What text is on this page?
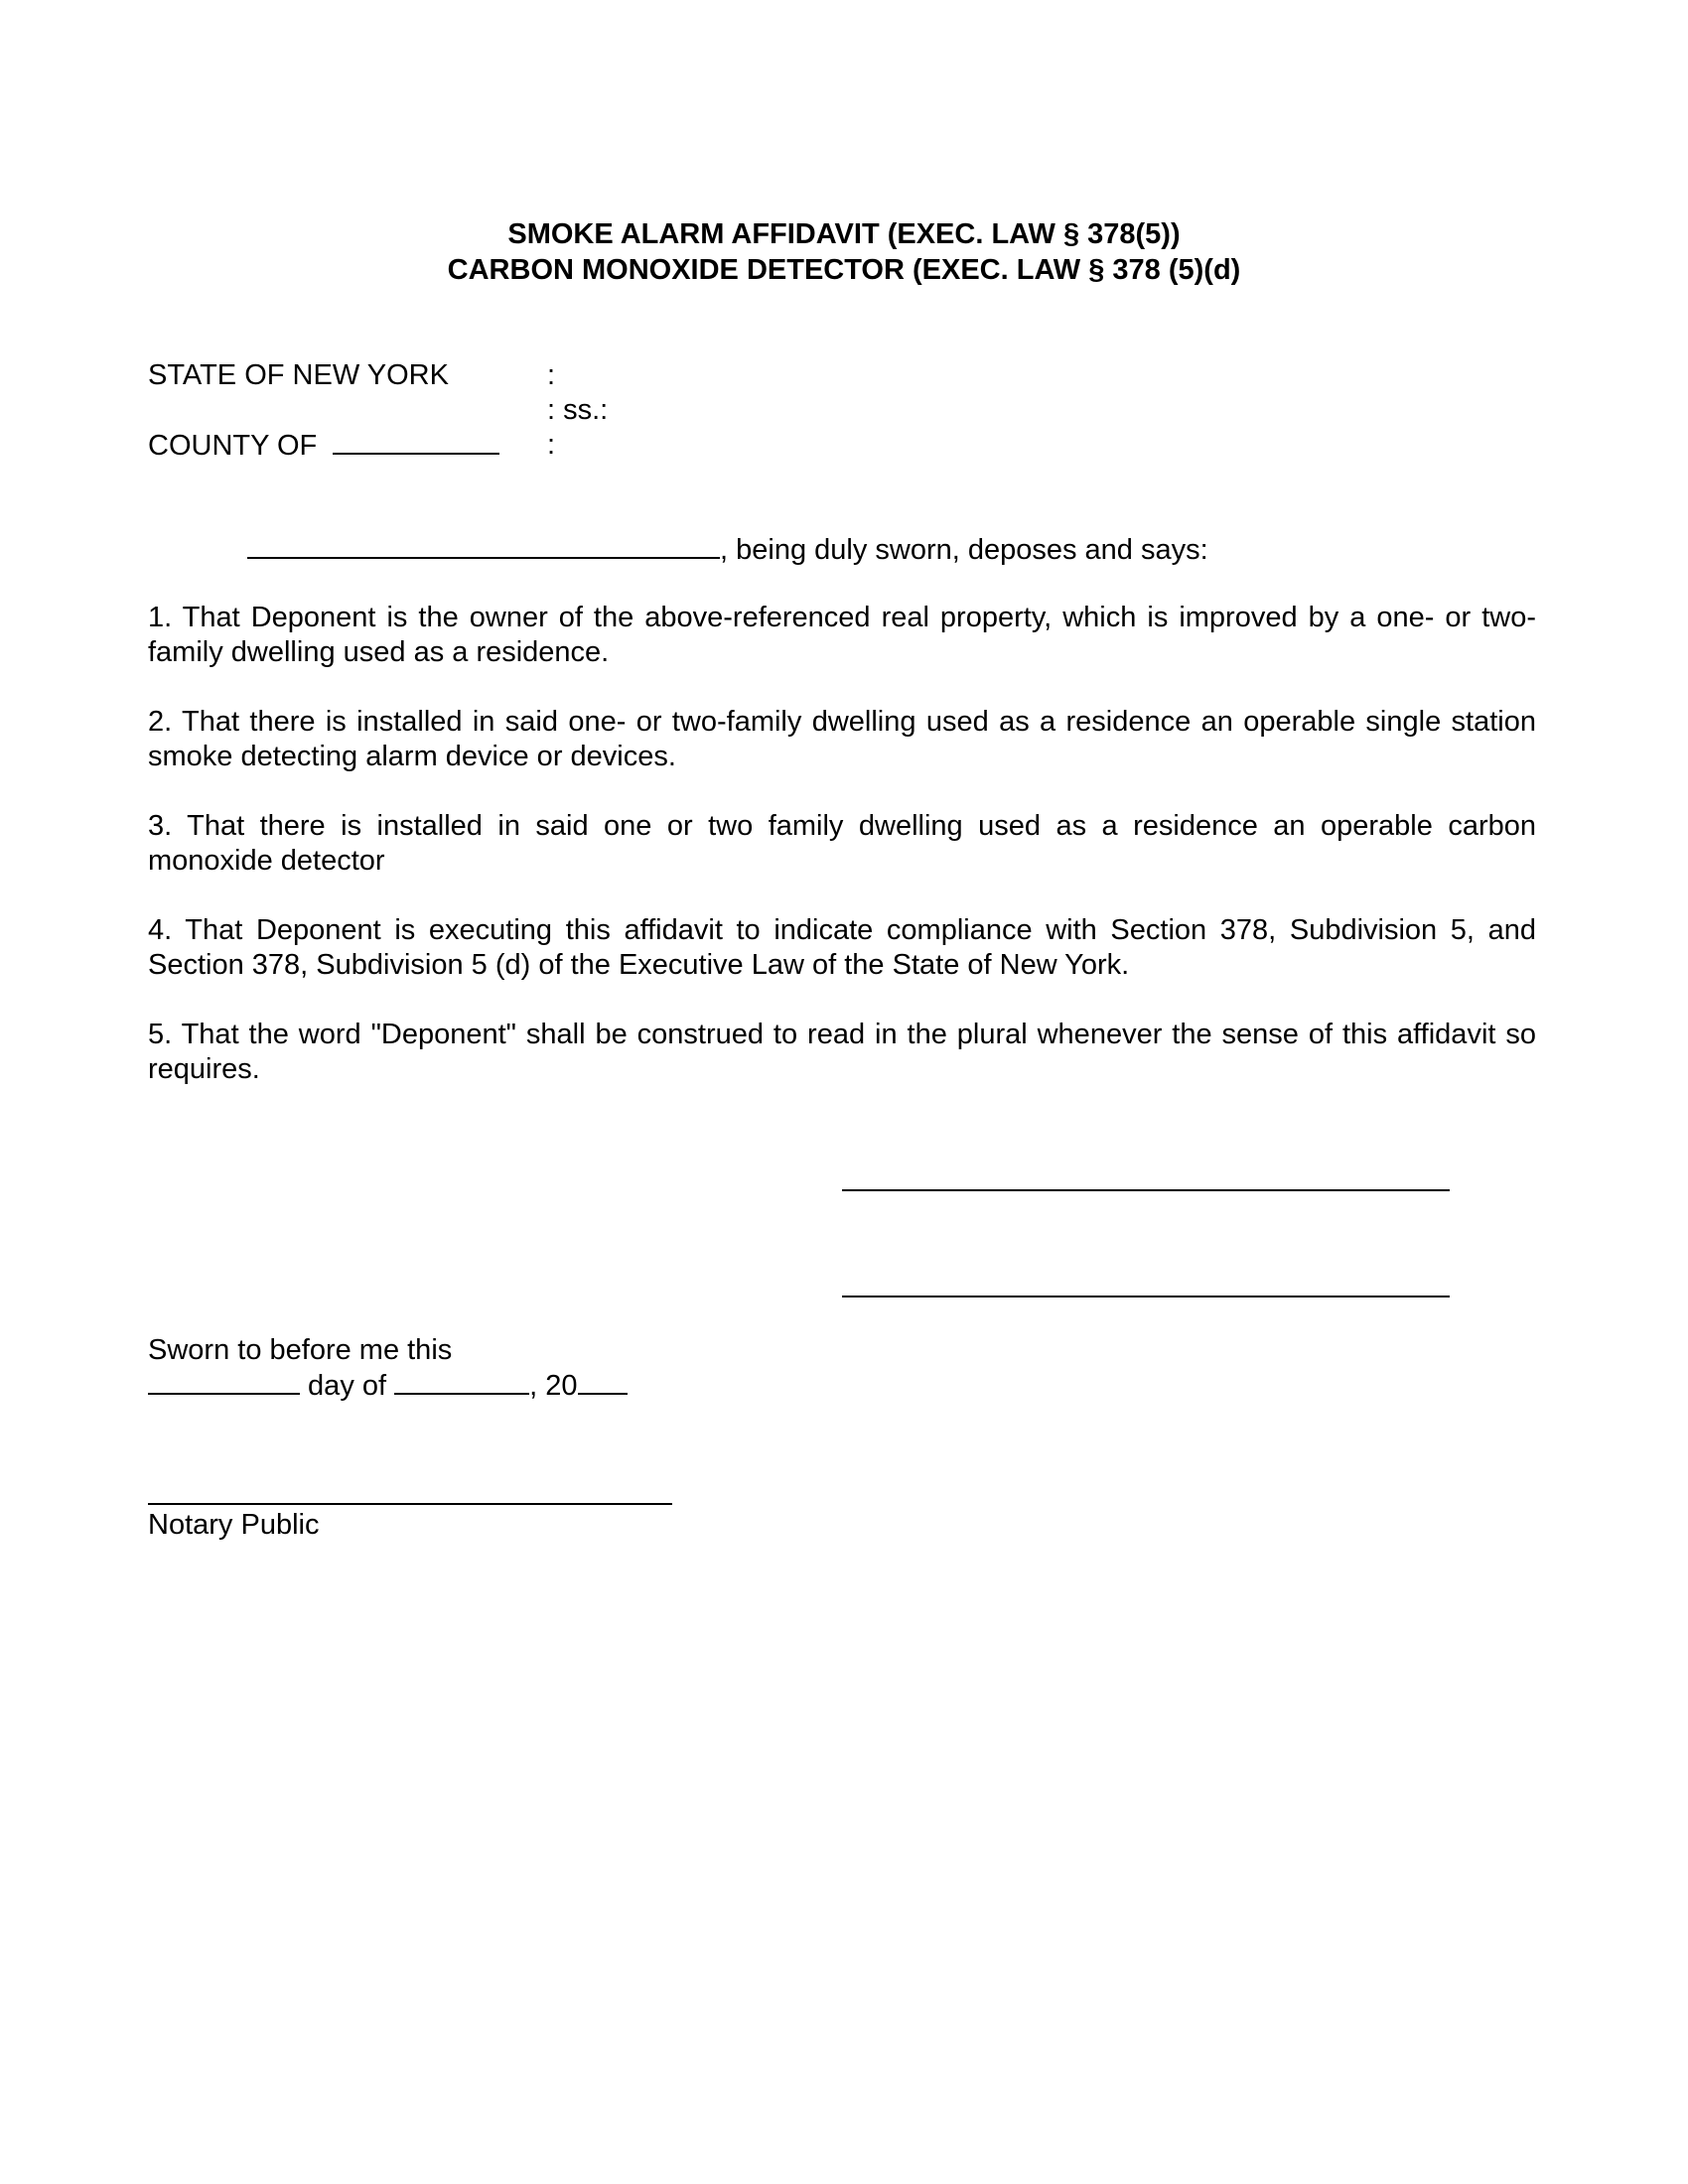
SMOKE ALARM AFFIDAVIT (EXEC. LAW § 378(5))
CARBON MONOXIDE DETECTOR (EXEC. LAW § 378 (5)(d)
STATE OF NEW YORK	:
: ss.:
COUNTY OF	:
, being duly sworn, deposes and says:
1. That Deponent is the owner of the above-referenced real property, which is improved by a one- or two-family dwelling used as a residence.
2. That there is installed in said one- or two-family dwelling used as a residence an operable single station smoke detecting alarm device or devices.
3. That there is installed in said one or two family dwelling used as a residence an operable carbon monoxide detector
4. That Deponent is executing this affidavit to indicate compliance with Section 378, Subdivision 5, and Section 378, Subdivision 5 (d) of the Executive Law of the State of New York.
5. That the word "Deponent" shall be construed to read in the plural whenever the sense of this affidavit so requires.
Sworn to before me this
day of	, 20
Notary Public
